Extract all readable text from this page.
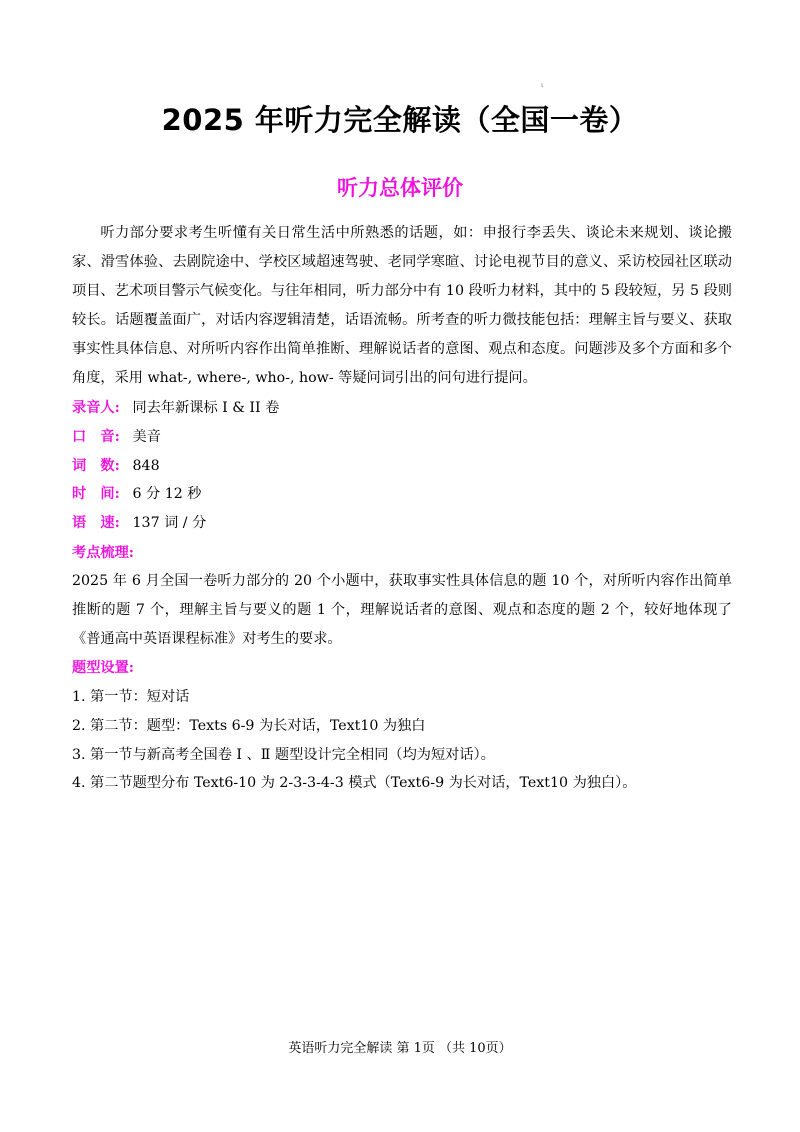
ι
2025 年听力完全解读（全国一卷）
听力总体评价
听力部分要求考生听懂有关日常生活中所熟悉的话题，如：申报行李丢失、谈论未来规划、谈论搬家、滑雪体验、去剧院途中、学校区域超速驾驶、老同学寒暄、讨论电视节目的意义、采访校园社区联动项目、艺术项目警示气候变化。与往年相同，听力部分中有 10 段听力材料，其中的 5 段较短，另 5 段则较长。话题覆盖面广，对话内容逻辑清楚，话语流畅。所考查的听力微技能包括：理解主旨与要义、获取事实性具体信息、对所听内容作出简单推断、理解说话者的意图、观点和态度。问题涉及多个方面和多个角度，采用 what-, where-, who-, how- 等疑问词引出的问句进行提问。
录音人: 同去年新课标 I & II 卷
口　音: 美音
词　数: 848
时　间: 6 分 12 秒
语　速: 137 词 / 分
考点梳理:
2025 年 6 月全国一卷听力部分的 20 个小题中，获取事实性具体信息的题 10 个，对所听内容作出简单推断的题 7 个，理解主旨与要义的题 1 个，理解说话者的意图、观点和态度的题 2 个，较好地体现了《普通高中英语课程标准》对考生的要求。
题型设置:
1. 第一节：短对话
2. 第二节：题型：Texts 6-9 为长对话，Text10 为独白
3. 第一节与新高考全国卷 Ⅰ 、Ⅱ 题型设计完全相同（均为短对话）。
4. 第二节题型分布 Text6-10 为 2-3-3-4-3 模式（Text6-9 为长对话，Text10 为独白）。
英语听力完全解读 第 1页 （共 10页）
